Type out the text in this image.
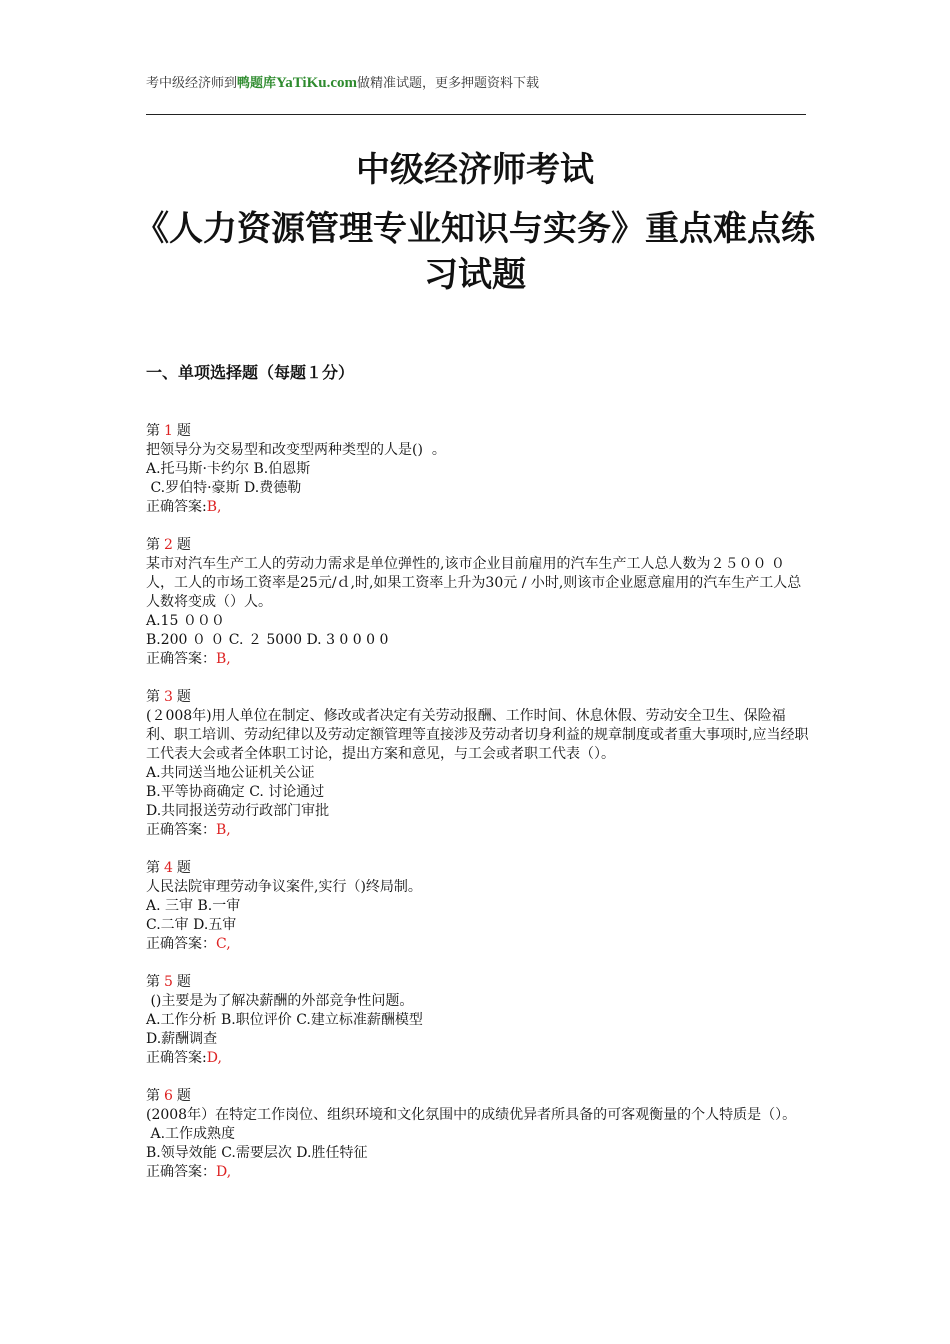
考中级经济师到鸭题库YaTiKu.com做精准试题，更多押题资料下载
中级经济师考试
《人力资源管理专业知识与实务》重点难点练习试题
一、单项选择题（每题１分）
第 1 题
把领导分为交易型和改变型两种类型的人是()  。
A.托马斯·卡约尔 B.伯恩斯
C.罗伯特·豪斯 D.费德勒
正确答案:B,
第 2 题
某市对汽车生产工人的劳动力需求是单位弹性的,该市企业目前雇用的汽车生产工人总人数为２５００ ０人，工人的市场工资率是25元/ｄ,时,如果工资率上升为30元 / 小时,则该市企业愿意雇用的汽车生产工人总人数将变成（）人。
A.15 ０００
B.200 ０ ０ C. ２ 5000 D. 3 0 0 0 0
正确答案：B,
第 3 题
(２008年)用人单位在制定、修改或者决定有关劳动报酬、工作时间、休息休假、劳动安全卫生、保险福利、职工培训、劳动纪律以及劳动定额管理等直接涉及劳动者切身利益的规章制度或者重大事项时,应当经职工代表大会或者全体职工讨论，提出方案和意见，与工会或者职工代表（）。
A.共同送当地公证机关公证
B.平等协商确定 C. 讨论通过
D.共同报送劳动行政部门审批
正确答案：B,
第 4 题
人民法院审理劳动争议案件,实行（)终局制。
A. 三审 B.一审
C.二审 D.五审
正确答案：C,
第 5 题
()主要是为了解决薪酬的外部竞争性问题。
A.工作分析 B.职位评价 C.建立标准薪酬模型
D.薪酬调查
正确答案:D,
第 6 题
(2008年）在特定工作岗位、组织环境和文化氛围中的成绩优异者所具备的可客观衡量的个人特质是（）。
A.工作成熟度
B.领导效能 C.需要层次 D.胜任特征
正确答案：D,
